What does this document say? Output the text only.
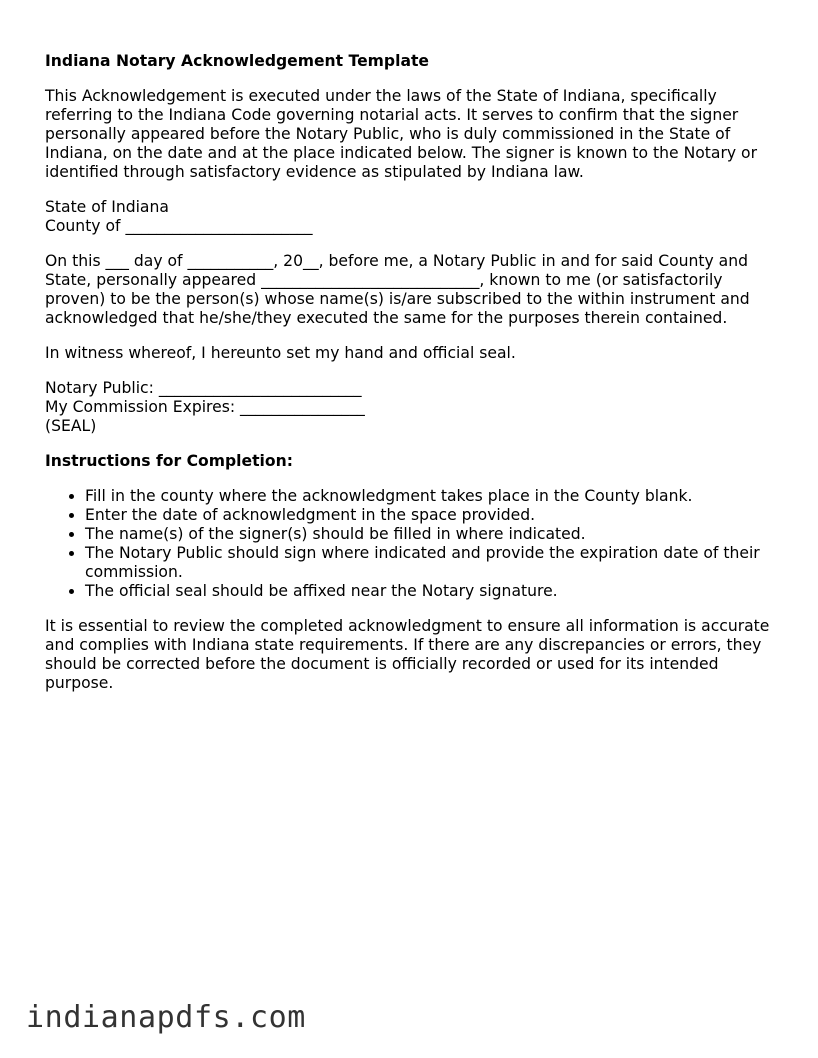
Indiana Notary Acknowledgement Template

This Acknowledgement is executed under the laws of the State of Indiana, specifically referring to the Indiana Code governing notarial acts. It serves to confirm that the signer personally appeared before the Notary Public, who is duly commissioned in the State of Indiana, on the date and at the place indicated below. The signer is known to the Notary or identified through satisfactory evidence as stipulated by Indiana law.

State of Indiana
County of ________________________

On this ___ day of ___________, 20__, before me, a Notary Public in and for said County and State, personally appeared ____________________________, known to me (or satisfactorily proven) to be the person(s) whose name(s) is/are subscribed to the within instrument and acknowledged that he/she/they executed the same for the purposes therein contained.

In witness whereof, I hereunto set my hand and official seal.

Notary Public: __________________________
My Commission Expires: ________________
(SEAL)
Instructions for Completion:
• Fill in the county where the acknowledgment takes place in the County blank.
• Enter the date of acknowledgment in the space provided.
• The name(s) of the signer(s) should be filled in where indicated.
• The Notary Public should sign where indicated and provide the expiration date of their commission.
• The official seal should be affixed near the Notary signature.

It is essential to review the completed acknowledgment to ensure all information is accurate and complies with Indiana state requirements. If there are any discrepancies or errors, they should be corrected before the document is officially recorded or used for its intended purpose.

indianapdfs.com
